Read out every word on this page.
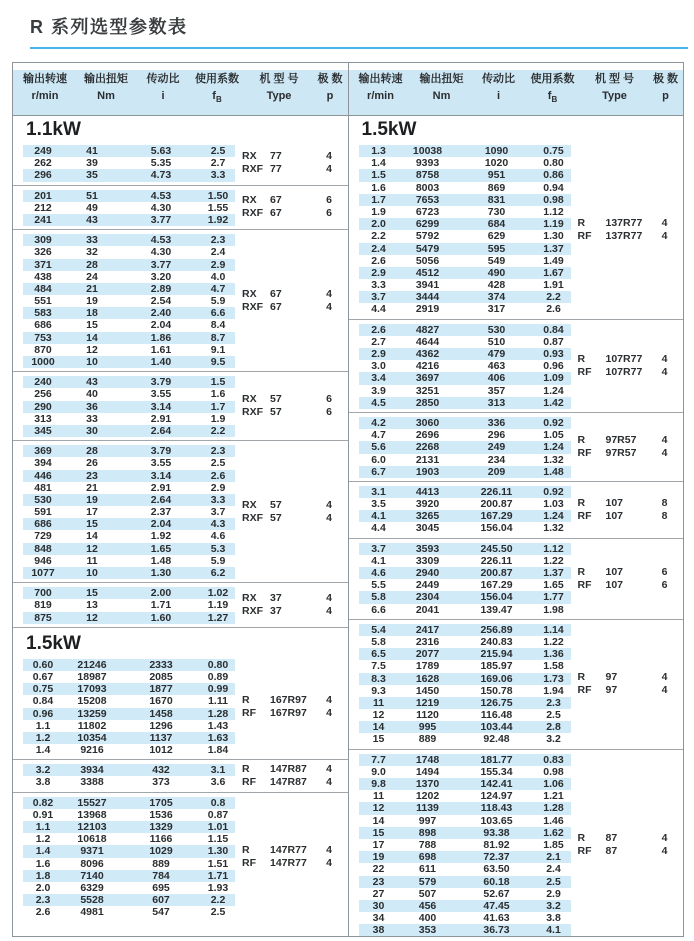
R 系列选型参数表
输出转速	输出扭矩	传动比	使用系数	机 型 号	极 数
r/min	Nm	i	$f_B$	Type	p
1.1kW
249	41	5.63	2.5
262	39	5.35	2.7
296	35	4.73	3.3
RX	77	4
RXF 77	4
201	51	4.53	1.50
212	49	4.30	1.55
241	43	3.77	1.92
RX	67	6
RXF 67	6
309	33	4.53	2.3
326	32	4.30	2.4
371	28	3.77	2.9
438	24	3.20	4.0
484	21	2.89	4.7
551	19	2.54	5.9
583	18	2.40	6.6
686	15	2.04	8.4
753	14	1.86	8.7
870	12	1.61	9.1
1000	10	1.40	9.5
RX	67	4
RXF 67	4
240	43	3.79	1.5
256	40	3.55	1.6
290	36	3.14	1.7
313	33	2.91	1.9
345	30	2.64	2.2
RX	57	6
RXF 57	6
369	28	3.79	2.3
394	26	3.55	2.5
446	23	3.14	2.6
481	21	2.91	2.9
530	19	2.64	3.3
591	17	2.37	3.7
686	15	2.04	4.3
729	14	1.92	4.6
848	12	1.65	5.3
946	11	1.48	5.9
1077	10	1.30	6.2
RX	57	4
RXF 57	4
700	15	2.00	1.02
819	13	1.71	1.19
875	12	1.60	1.27
RX	37	4
RXF 37	4
1.5kW
0.60	21246	2333	0.80
0.67	18987	2085	0.89
0.75	17093	1877	0.99
0.84	15208	1670	1.11
0.96	13259	1458	1.28
1.1	11802	1296	1.43
1.2	10354	1137	1.63
1.4	9216	1012	1.84
R	167R97	4
RF	167R97	4
3.2	3934	432	3.1
3.8	3388	373	3.6
R	147R87	4
RF	147R87	4
0.82	15527	1705	0.8
0.91	13968	1536	0.87
1.1	12103	1329	1.01
1.2	10618	1166	1.15
1.4	9371	1029	1.30
1.6	8096	889	1.51
1.8	7140	784	1.71
2.0	6329	695	1.93
2.3	5528	607	2.2
2.6	4981	547	2.5
R	147R77	4
RF	147R77	4
输出转速	输出扭矩	传动比	使用系数	机 型 号	极 数
r/min	Nm	i	$f_B$	Type	p
1.5kW
1.3	10038	1090	0.75
1.4	9393	1020	0.80
1.5	8758	951	0.86
1.6	8003	869	0.94
1.7	7653	831	0.98
1.9	6723	730	1.12
2.0	6299	684	1.19
2.2	5792	629	1.30
2.4	5479	595	1.37
2.6	5056	549	1.49
2.9	4512	490	1.67
3.3	3941	428	1.91
3.7	3444	374	2.2
4.4	2919	317	2.6
R	137R77	4
RF	137R77	4
2.6	4827	530	0.84
2.7	4644	510	0.87
2.9	4362	479	0.93
3.0	4216	463	0.96
3.4	3697	406	1.09
3.9	3251	357	1.24
4.5	2850	313	1.42
R	107R77	4
RF	107R77	4
4.2	3060	336	0.92
4.7	2696	296	1.05
5.6	2268	249	1.24
6.0	2131	234	1.32
6.7	1903	209	1.48
R	97R57	4
RF	97R57	4
3.1	4413	226.11	0.92
3.5	3920	200.87	1.03
4.1	3265	167.29	1.24
4.4	3045	156.04	1.32
R	107	8
RF	107	8
3.7	3593	245.50	1.12
4.1	3309	226.11	1.22
4.6	2940	200.87	1.37
5.5	2449	167.29	1.65
5.8	2304	156.04	1.77
6.6	2041	139.47	1.98
R	107	6
RF	107	6
5.4	2417	256.89	1.14
5.8	2316	240.83	1.22
6.5	2077	215.94	1.36
7.5	1789	185.97	1.58
8.3	1628	169.06	1.73
9.3	1450	150.78	1.94
11	1219	126.75	2.3
12	1120	116.48	2.5
14	995	103.44	2.8
15	889	92.48	3.2
R	97	4
RF	97	4
7.7	1748	181.77	0.83
9.0	1494	155.34	0.98
9.8	1370	142.41	1.06
11	1202	124.97	1.21
12	1139	118.43	1.28
14	997	103.65	1.46
15	898	93.38	1.62
17	788	81.92	1.85
19	698	72.37	2.1
22	611	63.50	2.4
23	579	60.18	2.5
27	507	52.67	2.9
30	456	47.45	3.2
34	400	41.63	3.8
38	353	36.73	4.1
R	87	4
RF	87	4
